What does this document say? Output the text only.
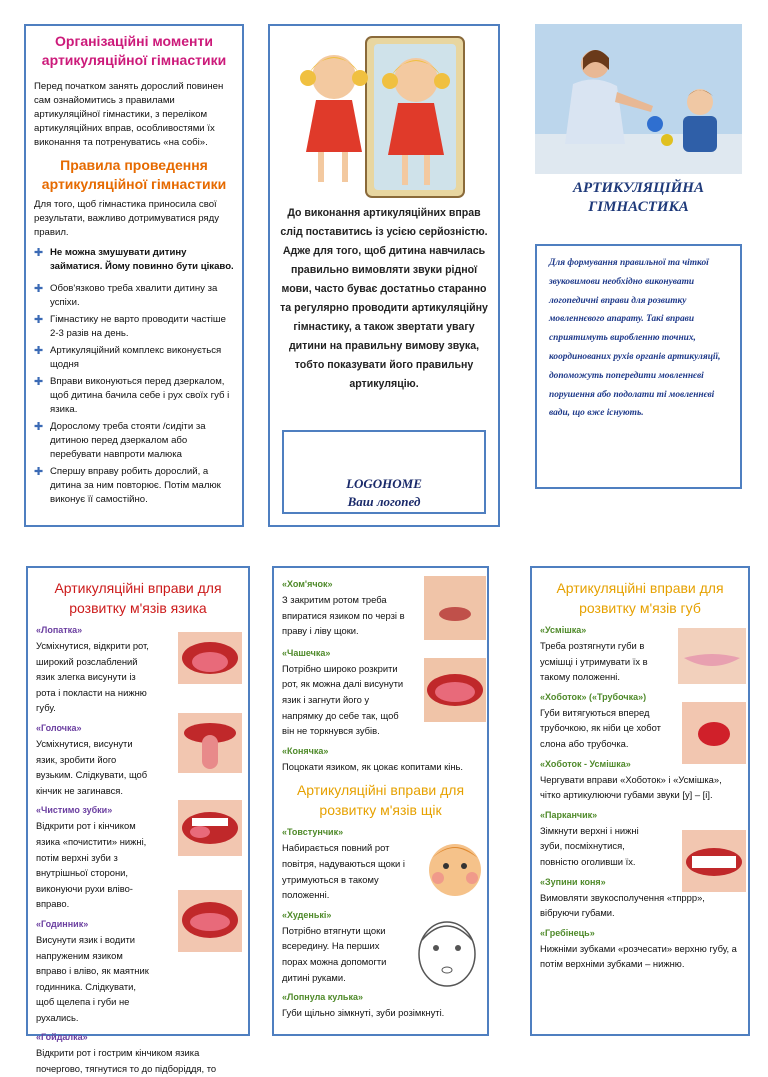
Організаційні моменти артикуляційної гімнастики

Перед початком занять дорослий повинен сам ознайомитись з правилами артикуляційної гімнастики, з переліком артикуляційних вправ, особливостями їх виконання та потренуватись «на собі».

Правила проведення артикуляційної гімнастики

Для того, щоб гімнастика приносила свої результати, важливо дотримуватися ряду правил.

✚ Не можна змушувати дитину займатися. Йому повинно бути цікаво.
✚ Обов'язково треба хвалити дитину за успіхи.
✚ Гімнастику не варто проводити частіше 2-3 разів на день.
✚ Артикуляційний комплекс виконується щодня
✚ Вправи виконуються перед дзеркалом, щоб дитина бачила себе і рух своїх губ і язика.
✚ Дорослому треба стояти /сидіти за дитиною перед дзеркалом або перебувати навпроти малюка
✚ Спершу вправу робить дорослий, а дитина за ним повторює. Потім малюк виконує її самостійно.
До виконання артикуляційних вправ слід поставитись із усією серйозністю. Адже для того, щоб дитина навчилась правильно вимовляти звуки рідної мови, часто буває достатньо старанно та регулярно проводити артикуляційну гімнастику, а також звертати увагу дитини на правильну вимову звука, тобто показувати його правильну артикуляцію.
LOGOHOME
Ваш логопед
АРТИКУЛЯЦІЙНА ГІМНАСТИКА

Для формування правильної та чіткої звуковимови необхідно виконувати логопедичні вправи для розвитку мовленнєвого апарату. Такі вправи сприятимуть виробленню точних, координованих рухів органів артикуляції, допоможуть попередити мовленнєві порушення або подолати ті мовленнєві вади, що вже існують.

Артикуляційні вправи для розвитку м'язів язика

«Лопатка»

Усміхнутися, відкрити рот, широкий розслаблений язик злегка висунути із рота і покласти на нижню губу.

«Голочка»

Усміхнутися, висунути язик, зробити його вузьким. Слідкувати, щоб кінчик не загинався.

«Чистимо зубки»

Відкрити рот і кінчиком язика «почистити» нижні, потім верхні зуби з внутрішньої сторони, виконуючи рухи вліво-вправо.

«Годинник»

Висунути язик і водити напруженим язиком вправо і вліво, як маятник годинника. Слідкувати, щоб щелепа і губи не рухались.

«Гойдалка»

Відкрити рот і гострим кінчиком язика почергово, тягнутися то до підборіддя, то

«Хом'ячок»

З закритим ротом треба впиратися язиком по черзі в праву і ліву щоки.

«Чашечка»

Потрібно широко розкрити рот, як можна далі висунути язик і загнути його у напрямку до себе так, щоб він не торкнувся зубів.

«Конячка»

Поцокати язиком, як цокає копитами кінь.

Артикуляційні вправи для розвитку м'язів щік

«Товстунчик»

Набирається повний рот повітря, надуваються щоки і утримуються в такому положенні.

«Худенькі»

Потрібно втягнути щоки всередину. На перших порах можна допомогти дитині руками.

«Лопнула кулька»

Губи щільно зімкнуті, зуби розімкнуті.

Артикуляційні вправи для розвитку м'язів губ

«Усмішка»

Треба розтягнути губи в усмішці і утримувати їх в такому положенні.

«Хоботок» («Трубочка»)

Губи витягуються вперед трубочкою, як ніби це хобот слона або трубочка.

«Хоботок - Усмішка»

Чергувати вправи «Хоботок» і «Усмішка», чітко артикулюючи губами звуки [у] – [і].

«Парканчик»

Зімкнути верхні і нижні зуби, посміхнутися, повністю оголивши їх.

«Зупини коня»

Вимовляти звукосполучення «тпррр», вібруючи губами.

«Гребінець»

Нижніми зубками «розчесати» верхню губу, а потім верхніми зубками – нижню.
